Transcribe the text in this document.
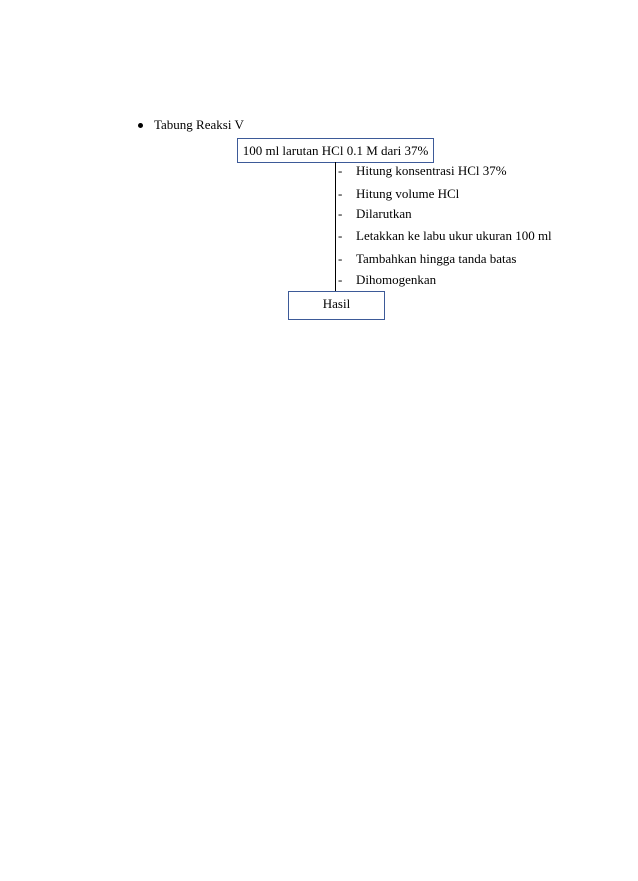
Tabung Reaksi V
100 ml larutan HCl 0.1 M dari 37%
- Hitung konsentrasi HCl 37%
- Hitung volume HCl
- Dilarutkan
- Letakkan ke labu ukur ukuran 100 ml
- Tambahkan hingga tanda batas
- Dihomogenkan
Hasil
